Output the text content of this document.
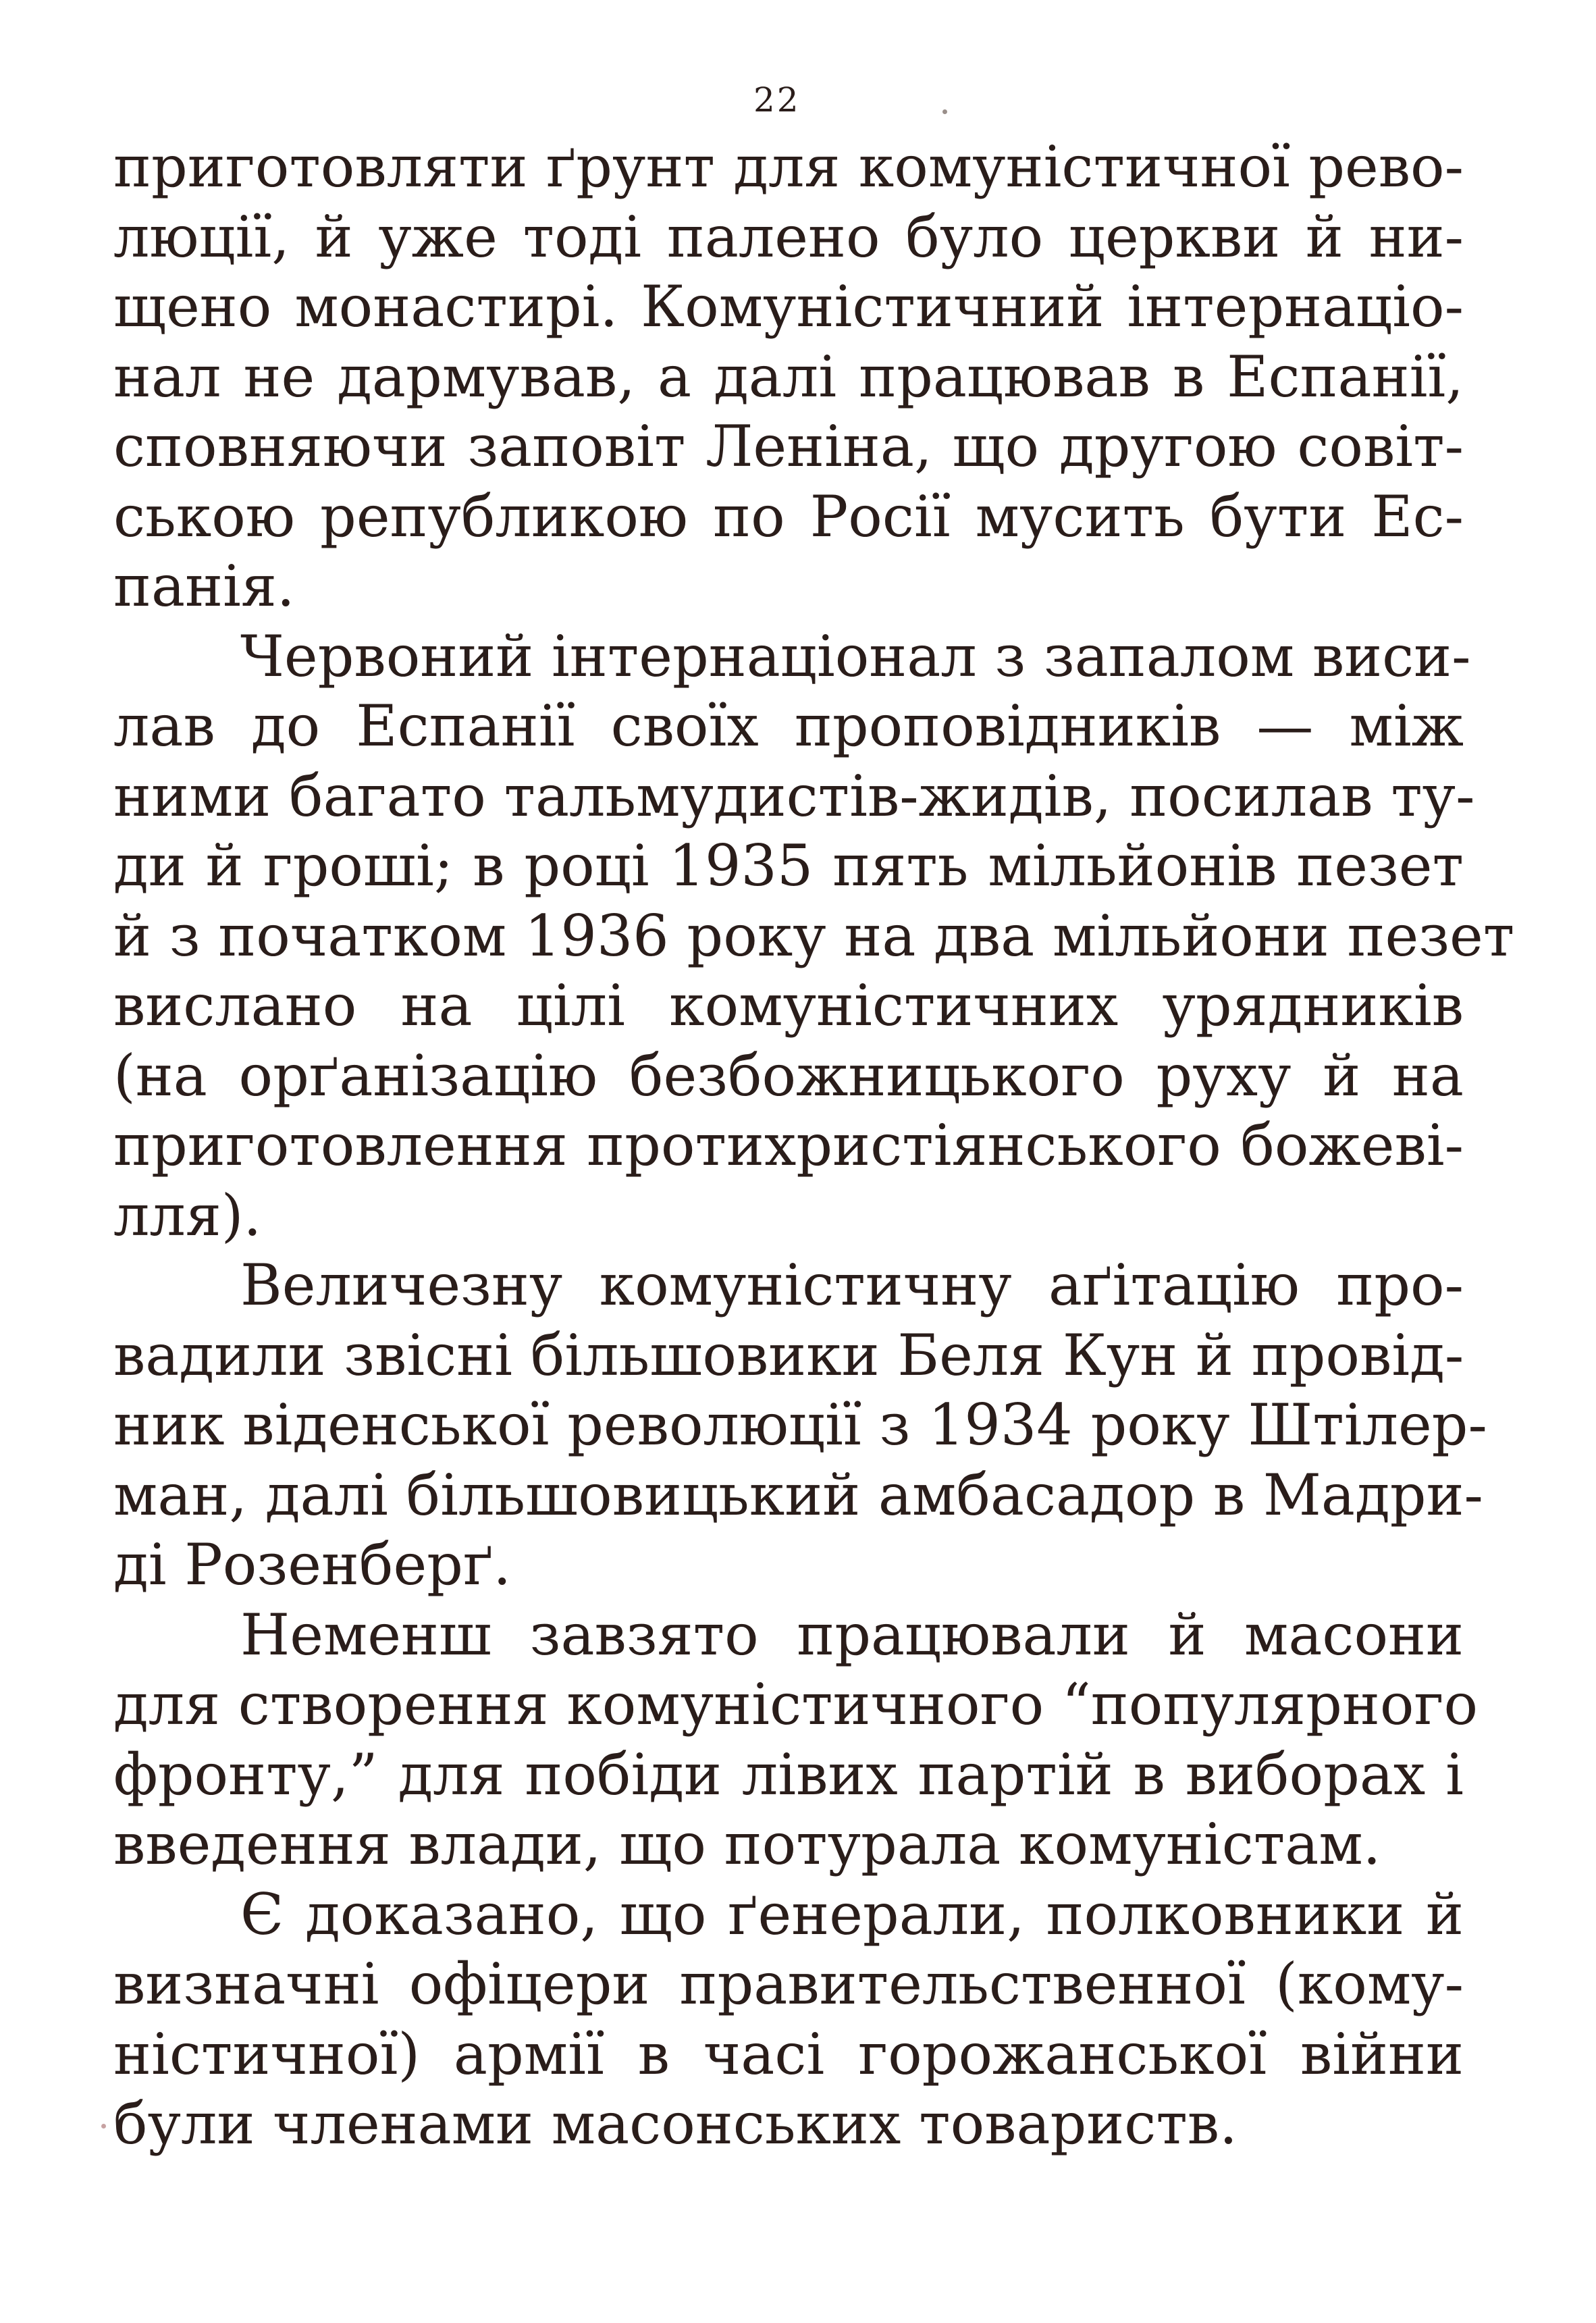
22
приготовляти ґрунт для комуністичної рево-
люції, й уже тоді палено було церкви й ни-
щено монастирі. Комуністичний інтернаціо-
нал не дармував, а далі працював в Еспанії,
сповняючи заповіт Леніна, що другою совіт-
ською републикою по Росії мусить бути Ес-
панія.
Червоний інтернаціонал з запалом виси-
лав до Еспанії своїх проповідників — між
ними багато тальмудистів-жидів, посилав ту-
ди й гроші; в році 1935 пять мільйонів пезет
й з початком 1936 року на два мільйони пезет
вислано на цілі комуністичних урядників
(на орґанізацію безбожницького руху й на
приготовлення протихристіянського божеві-
лля).
Величезну комуністичну аґітацію про-
вадили звісні більшовики Беля Кун й провід-
ник віденської революції з 1934 року Штілер-
ман, далі більшовицький амбасадор в Мадри-
ді Розенберґ.
Неменш завзято працювали й масони
для створення комуністичного “популярного
фронту,” для побіди лівих партій в виборах і
введення влади, що потурала комуністам.
Є доказано, що ґенерали, полковники й
визначні офіцери правительственної (кому-
ністичної) армії в часі горожанської війни
були членами масонських товариств.
